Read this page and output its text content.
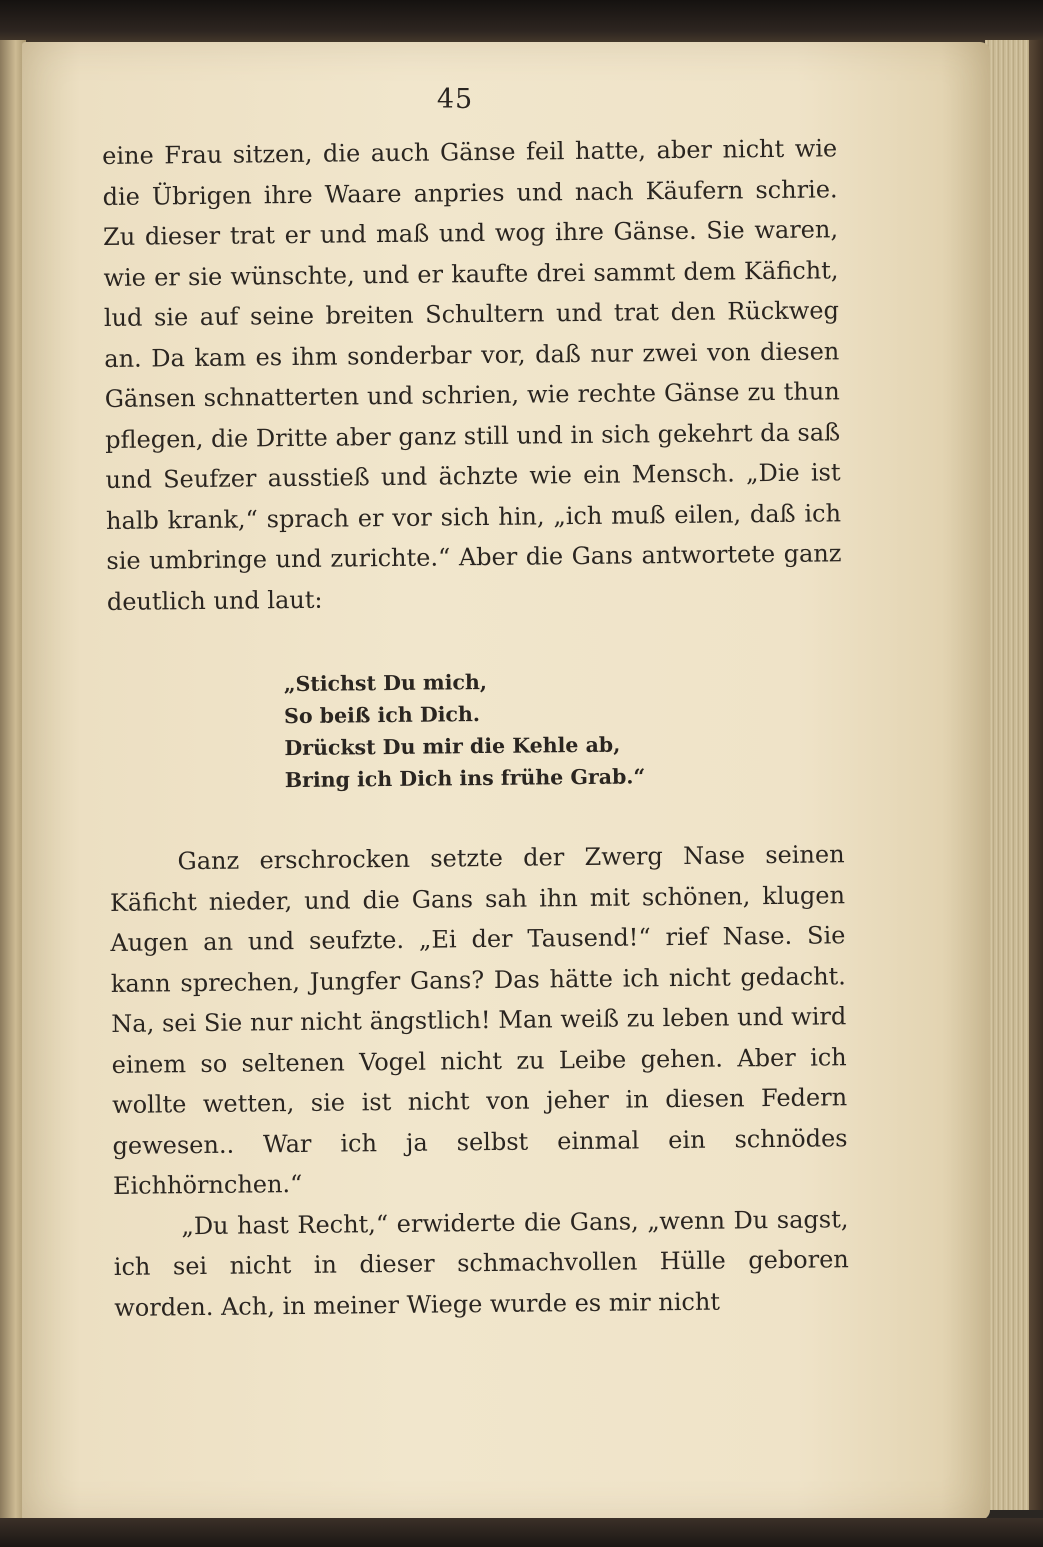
45

eine Frau sitzen, die auch Gänse feil hatte, aber nicht wie die Übrigen ihre Waare anpries und nach Käufern schrie. Zu dieser trat er und maß und wog ihre Gänse. Sie waren, wie er sie wünschte, und er kaufte drei sammt dem Käficht, lud sie auf seine breiten Schultern und trat den Rückweg an. Da kam es ihm sonderbar vor, daß nur zwei von diesen Gänsen schnatterten und schrien, wie rechte Gänse zu thun pflegen, die Dritte aber ganz still und in sich gekehrt da saß und Seufzer ausstieß und ächzte wie ein Mensch. „Die ist halb krank,“ sprach er vor sich hin, „ich muß eilen, daß ich sie umbringe und zurichte.“ Aber die Gans antwortete ganz deutlich und laut:

„Stichst Du mich,
So beiß ich Dich.
Drückst Du mir die Kehle ab,
Bring ich Dich ins frühe Grab.“

Ganz erschrocken setzte der Zwerg Nase seinen Käficht nieder, und die Gans sah ihn mit schönen, klugen Augen an und seufzte. „Ei der Tausend!“ rief Nase. Sie kann sprechen, Jungfer Gans? Das hätte ich nicht gedacht. Na, sei Sie nur nicht ängstlich! Man weiß zu leben und wird einem so seltenen Vogel nicht zu Leibe gehen. Aber ich wollte wetten, sie ist nicht von jeher in diesen Federn gewesen.. War ich ja selbst einmal ein schnödes Eichhörnchen.“

„Du hast Recht,“ erwiderte die Gans, „wenn Du sagst, ich sei nicht in dieser schmachvollen Hülle geboren worden. Ach, in meiner Wiege wurde es mir nicht
